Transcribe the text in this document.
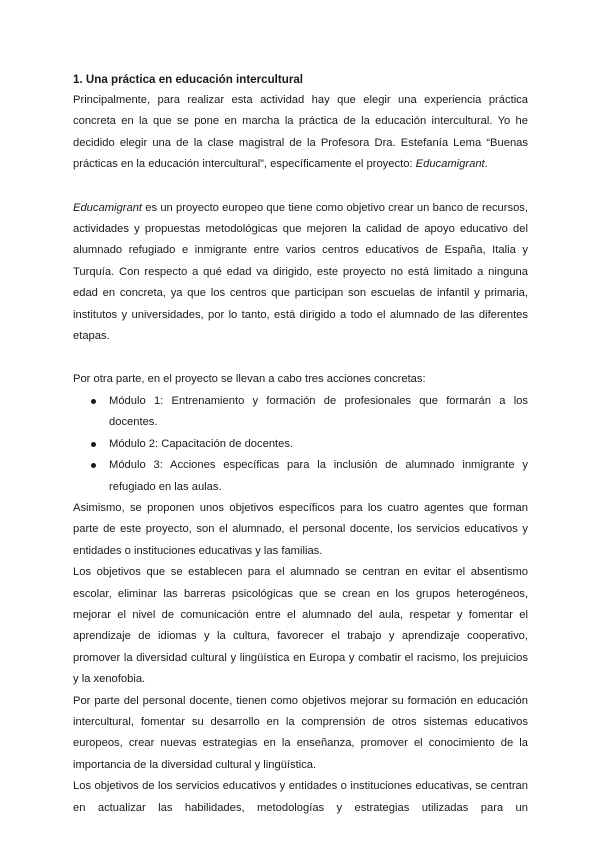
1. Una práctica en educación intercultural

Principalmente, para realizar esta actividad hay que elegir una experiencia práctica concreta en la que se pone en marcha la práctica de la educación intercultural. Yo he decidido elegir una de la clase magistral de la Profesora Dra. Estefanía Lema “Buenas prácticas en la educación intercultural”, específicamente el proyecto: Educamigrant.

Educamigrant es un proyecto europeo que tiene como objetivo crear un banco de recursos, actividades y propuestas metodológicas que mejoren la calidad de apoyo educativo del alumnado refugiado e inmigrante entre varios centros educativos de España, Italia y Turquía. Con respecto a qué edad va dirigido, este proyecto no está limitado a ninguna edad en concreta, ya que los centros que participan son escuelas de infantil y primaria, institutos y universidades, por lo tanto, está dirigido a todo el alumnado de las diferentes etapas.

Por otra parte, en el proyecto se llevan a cabo tres acciones concretas:

Módulo 1: Entrenamiento y formación de profesionales que formarán a los docentes.
Módulo 2: Capacitación de docentes.
Módulo 3: Acciones específicas para la inclusión de alumnado inmigrante y refugiado en las aulas.

Asimismo, se proponen unos objetivos específicos para los cuatro agentes que forman parte de este proyecto, son el alumnado, el personal docente, los servicios educativos y entidades o instituciones educativas y las familias.

Los objetivos que se establecen para el alumnado se centran en evitar el absentismo escolar, eliminar las barreras psicológicas que se crean en los grupos heterogéneos, mejorar el nivel de comunicación entre el alumnado del aula, respetar y fomentar el aprendizaje de idiomas y la cultura, favorecer el trabajo y aprendizaje cooperativo, promover la diversidad cultural y lingüística en Europa y combatir el racismo, los prejuicios y la xenofobia.

Por parte del personal docente, tienen como objetivos mejorar su formación en educación intercultural, fomentar su desarrollo en la comprensión de otros sistemas educativos europeos, crear nuevas estrategias en la enseñanza, promover el conocimiento de la importancia de la diversidad cultural y lingüística.

Los objetivos de los servicios educativos y entidades o instituciones educativas, se centran en actualizar las habilidades, metodologías y estrategias utilizadas para un
